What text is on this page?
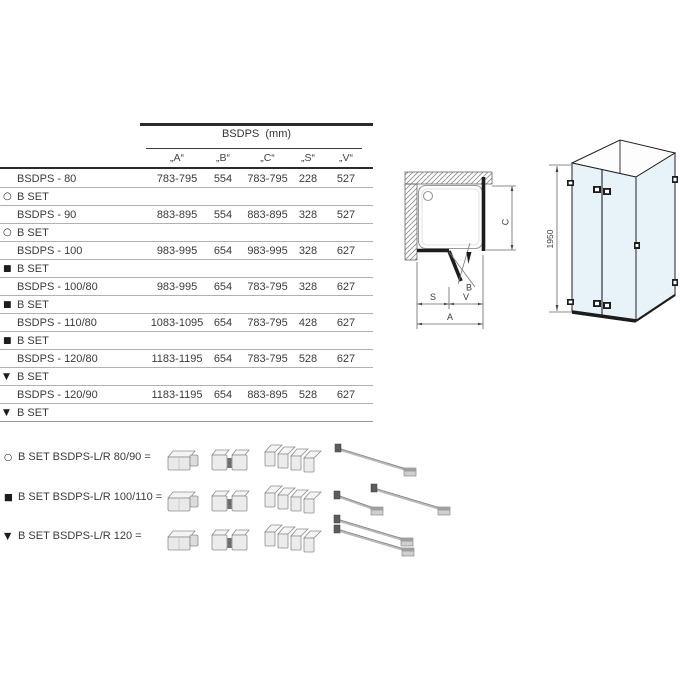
BSDPS  (mm)
„A“	„B“	„C“	„S“	„V“
BSDPS - 80	783-795	554	783-795	228	527
○ B SET
BSDPS - 90	883-895	554	883-895	328	527
○ B SET
BSDPS - 100	983-995	654	983-995	328	627
■ B SET
BSDPS - 100/80	983-995	654	783-795	328	627
■ B SET
BSDPS - 110/80	1083-1095 654	783-795	428	627
■ B SET
BSDPS - 120/80	1183-1195	654	783-795	528	627
▼ B SET
BSDPS - 120/90	1183-1195	654	883-895	528	627
▼ B SET
B
C
S	V
A
1950
○ B SET BSDPS-L/R 80/90 =
■ B SET BSDPS-L/R 100/110 =
▼ B SET BSDPS-L/R 120 =
